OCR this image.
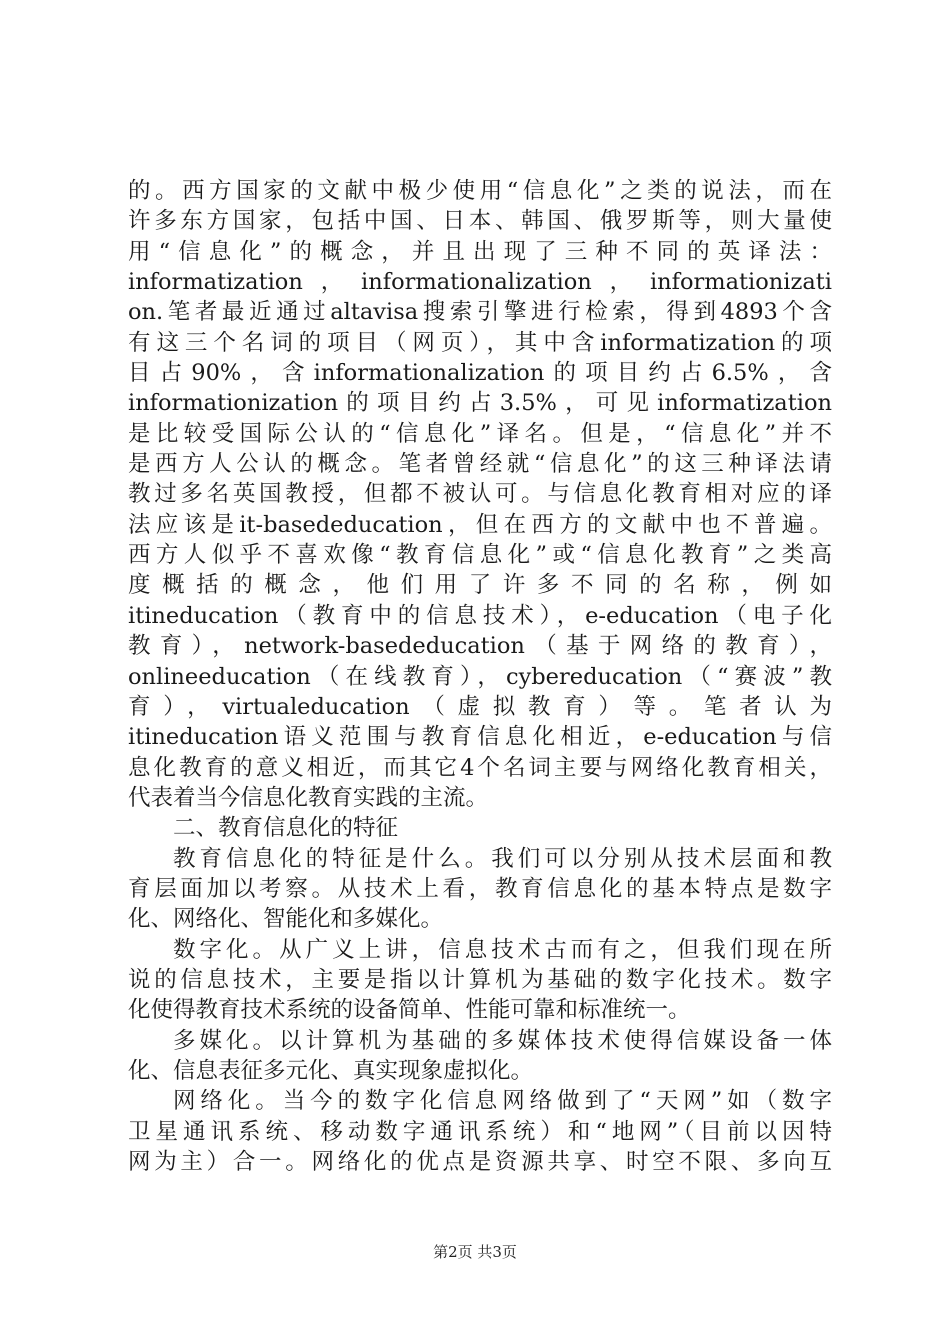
的。西方国家的文献中极少使用“信息化”之类的说法，而在
许多东方国家，包括中国、日本、韩国、俄罗斯等，则大量使
用“信息化”的概念，并且出现了三种不同的英译法：
informatization，informationalization，informationizati
on.笔者最近通过altavisa搜索引擎进行检索，得到4893个含
有这三个名词的项目（网页），其中含informatization的项
目占90%，含informationalization的项目约占6.5%，含
informationization的项目约占3.5%，可见informatization
是比较受国际公认的“信息化”译名。但是，“信息化”并不
是西方人公认的概念。笔者曾经就“信息化”的这三种译法请
教过多名英国教授，但都不被认可。与信息化教育相对应的译
法应该是it-basededucation，但在西方的文献中也不普遍。
西方人似乎不喜欢像“教育信息化”或“信息化教育”之类高
度概括的概念，他们用了许多不同的名称，例如
itineducation（教育中的信息技术），e-education（电子化
教育），network-basededucation（基于网络的教育），
onlineeducation（在线教育），cybereducation（“赛波”教
育），virtualeducation（虚拟教育）等。笔者认为
itineducation语义范围与教育信息化相近，e-education与信
息化教育的意义相近，而其它4个名词主要与网络化教育相关，
代表着当今信息化教育实践的主流。
二、教育信息化的特征
教育信息化的特征是什么。我们可以分别从技术层面和教
育层面加以考察。从技术上看，教育信息化的基本特点是数字
化、网络化、智能化和多媒化。
数字化。从广义上讲，信息技术古而有之，但我们现在所
说的信息技术，主要是指以计算机为基础的数字化技术。数字
化使得教育技术系统的设备简单、性能可靠和标准统一。
多媒化。以计算机为基础的多媒体技术使得信媒设备一体
化、信息表征多元化、真实现象虚拟化。
网络化。当今的数字化信息网络做到了“天网”如（数字
卫星通讯系统、移动数字通讯系统）和“地网”（目前以因特
网为主）合一。网络化的优点是资源共享、时空不限、多向互
第2页 共3页
